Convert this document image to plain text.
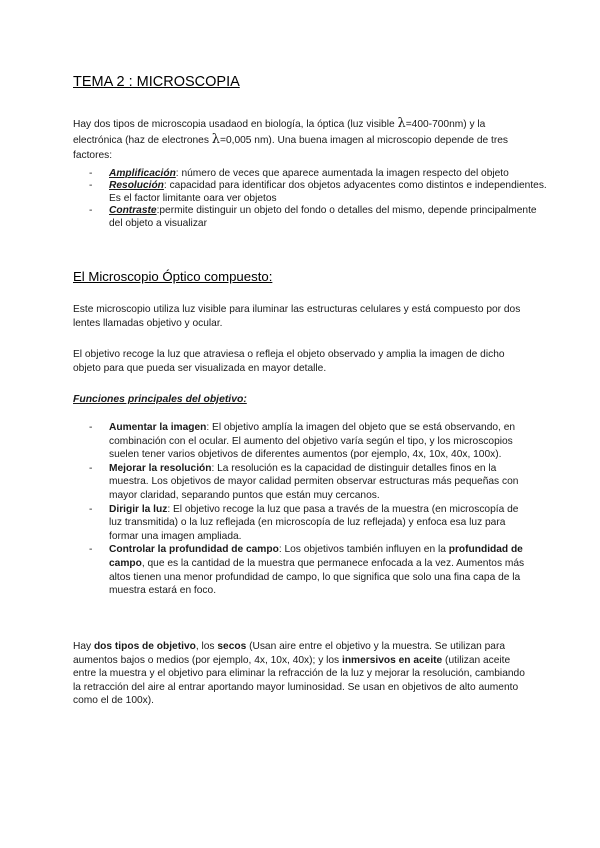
TEMA 2 : MICROSCOPIA
Hay dos tipos de microscopia usadaod en biología, la óptica (luz visible λ=400-700nm) y la electrónica (haz de electrones λ=0,005 nm). Una buena imagen al microscopio depende de tres factores:
- Amplificación: número de veces que aparece aumentada la imagen respecto del objeto
- Resolución: capacidad para identificar dos objetos adyacentes como distintos e independientes. Es el factor limitante oara ver objetos
- Contraste:permite distinguir un objeto del fondo o detalles del mismo, depende principalmente del objeto a visualizar
El Microscopio Óptico compuesto:
Este microscopio utiliza luz visible para iluminar las estructuras celulares y está compuesto por dos lentes llamadas objetivo y ocular.
El objetivo recoge la luz que atraviesa o refleja el objeto observado y amplia la imagen de dicho objeto para que pueda ser visualizada en mayor detalle.
Funciones principales del objetivo:
- Aumentar la imagen: El objetivo amplía la imagen del objeto que se está observando, en combinación con el ocular. El aumento del objetivo varía según el tipo, y los microscopios suelen tener varios objetivos de diferentes aumentos (por ejemplo, 4x, 10x, 40x, 100x).
- Mejorar la resolución: La resolución es la capacidad de distinguir detalles finos en la muestra. Los objetivos de mayor calidad permiten observar estructuras más pequeñas con mayor claridad, separando puntos que están muy cercanos.
- Dirigir la luz: El objetivo recoge la luz que pasa a través de la muestra (en microscopía de luz transmitida) o la luz reflejada (en microscopía de luz reflejada) y enfoca esa luz para formar una imagen ampliada.
- Controlar la profundidad de campo: Los objetivos también influyen en la profundidad de campo, que es la cantidad de la muestra que permanece enfocada a la vez. Aumentos más altos tienen una menor profundidad de campo, lo que significa que solo una fina capa de la muestra estará en foco.
Hay dos tipos de objetivo, los secos (Usan aire entre el objetivo y la muestra. Se utilizan para aumentos bajos o medios (por ejemplo, 4x, 10x, 40x); y los inmersivos en aceite (utilizan aceite entre la muestra y el objetivo para eliminar la refracción de la luz y mejorar la resolución, cambiando la retracción del aire al entrar aportando mayor luminosidad. Se usan en objetivos de alto aumento como el de 100x).
